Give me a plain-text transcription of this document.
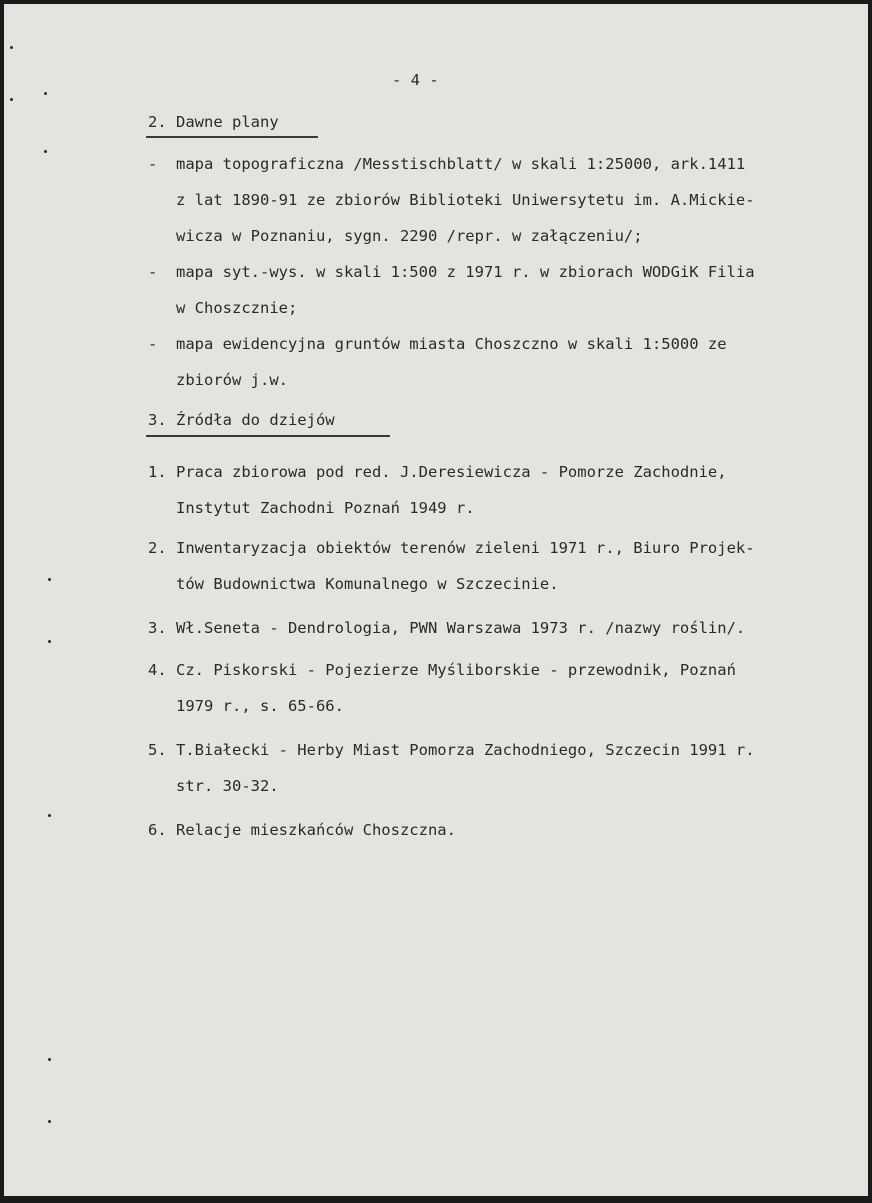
- 4 -
2. Dawne plany
-  mapa topograficzna /Messtischblatt/ w skali 1:25000, ark.1411
z lat 1890-91 ze zbiorów Biblioteki Uniwersytetu im. A.Mickie-
wicza w Poznaniu, sygn. 2290 /repr. w załączeniu/;
-  mapa syt.-wys. w skali 1:500 z 1971 r. w zbiorach WODGiK Filia
w Choszcznie;
-  mapa ewidencyjna gruntów miasta Choszczno w skali 1:5000 ze
zbiorów j.w.
3. Źródła do dziejów
1. Praca zbiorowa pod red. J.Deresiewicza - Pomorze Zachodnie,
Instytut Zachodni Poznań 1949 r.
2. Inwentaryzacja obiektów terenów zieleni 1971 r., Biuro Projek-
tów Budownictwa Komunalnego w Szczecinie.
3. Wł.Seneta - Dendrologia, PWN Warszawa 1973 r. /nazwy roślin/.
4. Cz. Piskorski - Pojezierze Myśliborskie - przewodnik, Poznań
1979 r., s. 65-66.
5. T.Białecki - Herby Miast Pomorza Zachodniego, Szczecin 1991 r.
str. 30-32.
6. Relacje mieszkańców Choszczna.
